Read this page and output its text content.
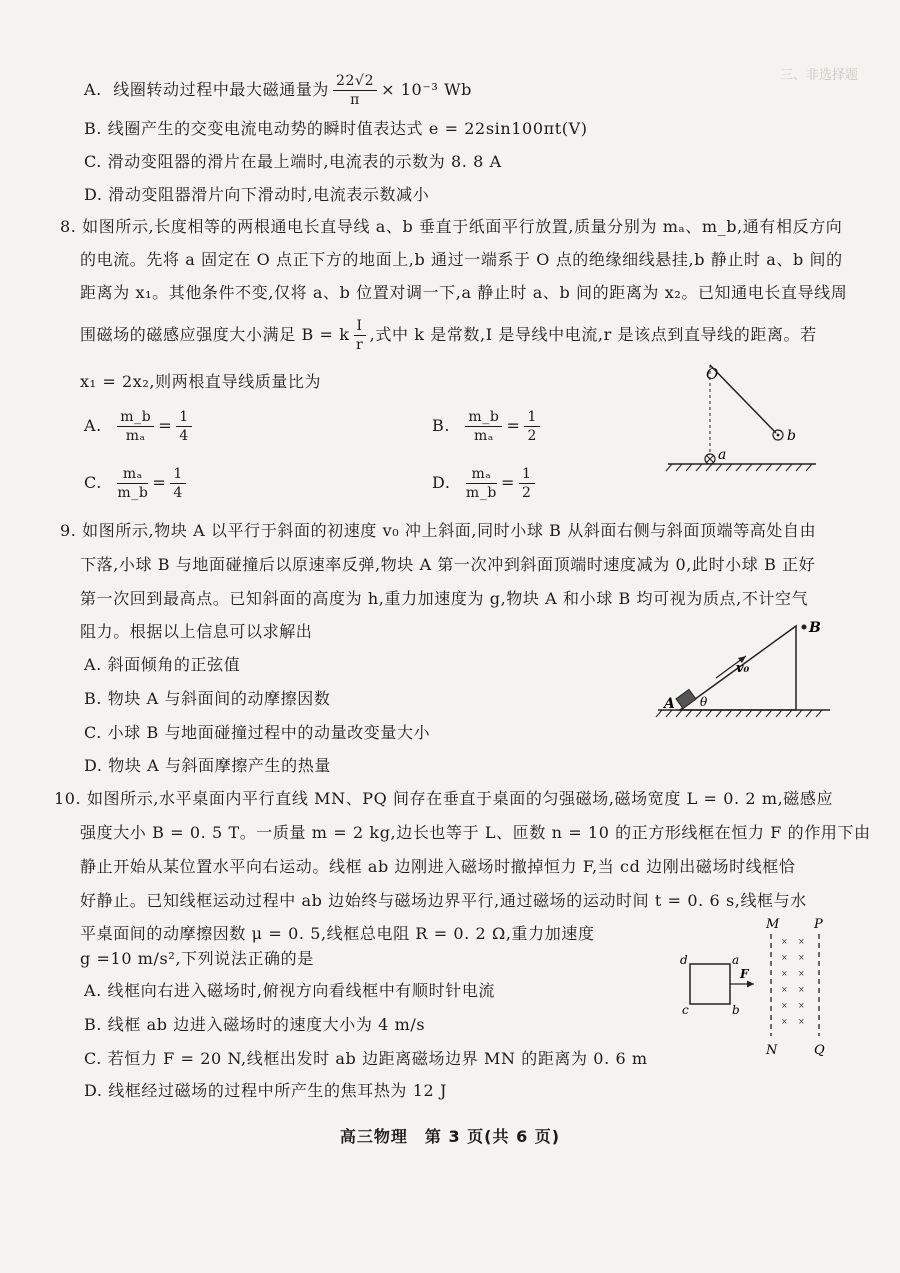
三、非选择题
A. 线圈转动过程中最大磁通量为 $\frac{22√2}{\pi} \times 10^{-3}$ Wb
B. 线圈产生的交变电流电动势的瞬时值表达式 e = 22sin100πt(V)
C. 滑动变阻器的滑片在最上端时,电流表的示数为 8. 8 A
D. 滑动变阻器滑片向下滑动时,电流表示数减小
8. 如图所示,长度相等的两根通电长直导线 a、b 垂直于纸面平行放置,质量分别为 mₐ、m_b,通有相反方向
的电流。先将 a 固定在 O 点正下方的地面上,b 通过一端系于 O 点的绝缘细线悬挂,b 静止时 a、b 间的
距离为 x₁。其他条件不变,仅将 a、b 位置对调一下,a 静止时 a、b 间的距离为 x₂。已知通电长直导线周
围磁场的磁感应强度大小满足 B = k $\frac{I}{r}$ ,式中 k 是常数,I 是导线中电流,r 是该点到直导线的距离。若
x₁ = 2x₂,则两根直导线质量比为
A. $\frac{m\_b}{\text{mₐ}} = \frac{1}{4}$	B. $\frac{m\_b}{\text{mₐ}} = \frac{1}{2}$
C. $\frac{\text{mₐ}}{m\_b} = \frac{1}{4}$	D. $\frac{\text{mₐ}}{m\_b} = \frac{1}{2}$
O
b
a
9. 如图所示,物块 A 以平行于斜面的初速度 v₀ 冲上斜面,同时小球 B 从斜面右侧与斜面顶端等高处自由
下落,小球 B 与地面碰撞后以原速率反弹,物块 A 第一次冲到斜面顶端时速度减为 0,此时小球 B 正好
第一次回到最高点。已知斜面的高度为 h,重力加速度为 g,物块 A 和小球 B 均可视为质点,不计空气
阻力。根据以上信息可以求解出
A. 斜面倾角的正弦值
B. 物块 A 与斜面间的动摩擦因数
C. 小球 B 与地面碰撞过程中的动量改变量大小
D. 物块 A 与斜面摩擦产生的热量
A θ
v₀
B
10. 如图所示,水平桌面内平行直线 MN、PQ 间存在垂直于桌面的匀强磁场,磁场宽度 L = 0. 2 m,磁感应
强度大小 B = 0. 5 T。一质量 m = 2 kg,边长也等于 L、匝数 n = 10 的正方形线框在恒力 F 的作用下由
静止开始从某位置水平向右运动。线框 ab 边刚进入磁场时撤掉恒力 F,当 cd 边刚出磁场时线框恰
好静止。已知线框运动过程中 ab 边始终与磁场边界平行,通过磁场的运动时间 t = 0. 6 s,线框与水
平桌面间的动摩擦因数 μ = 0. 5,线框总电阻 R = 0. 2 Ω,重力加速度
g =10 m/s²,下列说法正确的是
A. 线框向右进入磁场时,俯视方向看线框中有顺时针电流
B. 线框 ab 边进入磁场时的速度大小为 4 m/s
C. 若恒力 F = 20 N,线框出发时 ab 边距离磁场边界 MN 的距离为 0. 6 m
D. 线框经过磁场的过程中所产生的焦耳热为 12 J
M	P
× ×
× ×
× ×
× ×
× ×
× ×
d	a
c	b
F
N	Q
高三物理　第 3 页(共 6 页)
